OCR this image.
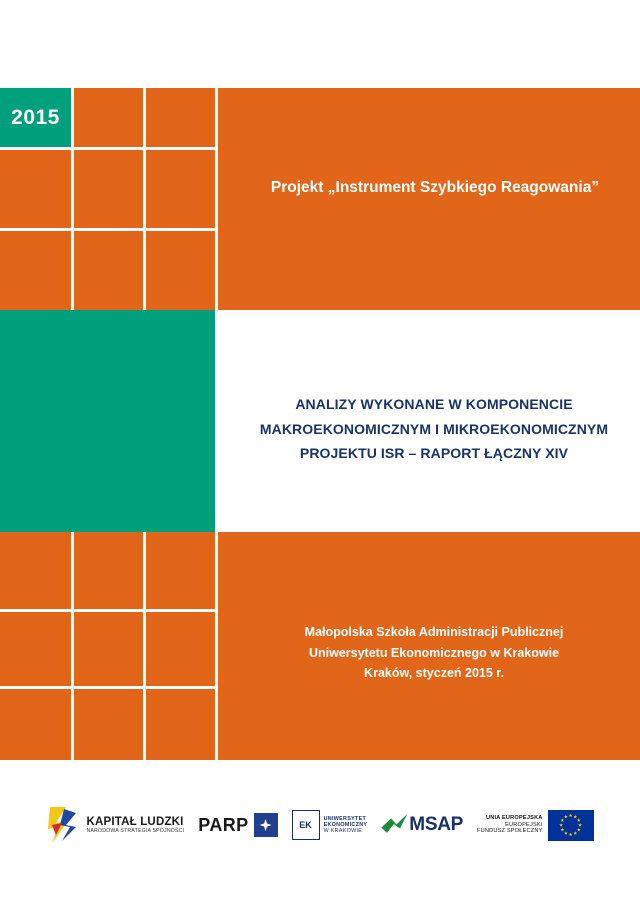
2015
Projekt „Instrument Szybkiego Reagowania”
ANALIZY WYKONANE W KOMPONENCIE
MAKROEKONOMICZNYM I MIKROEKONOMICZNYM
PROJEKTU ISR – RAPORT ŁĄCZNY XIV
Małopolska Szkoła Administracji Publicznej
Uniwersytetu Ekonomicznego w Krakowie
Kraków, styczeń 2015 r.
KAPITAŁ LUDZKI
NARODOWA STRATEGIA SPÓJNOŚCI PARP	EK
UNIWERSYTET
EKONOMICZNY
W KRAKOWIE MSAP	UNIA EUROPEJSKA
EUROPEJSKI
FUNDUSZ SPOŁECZNY
